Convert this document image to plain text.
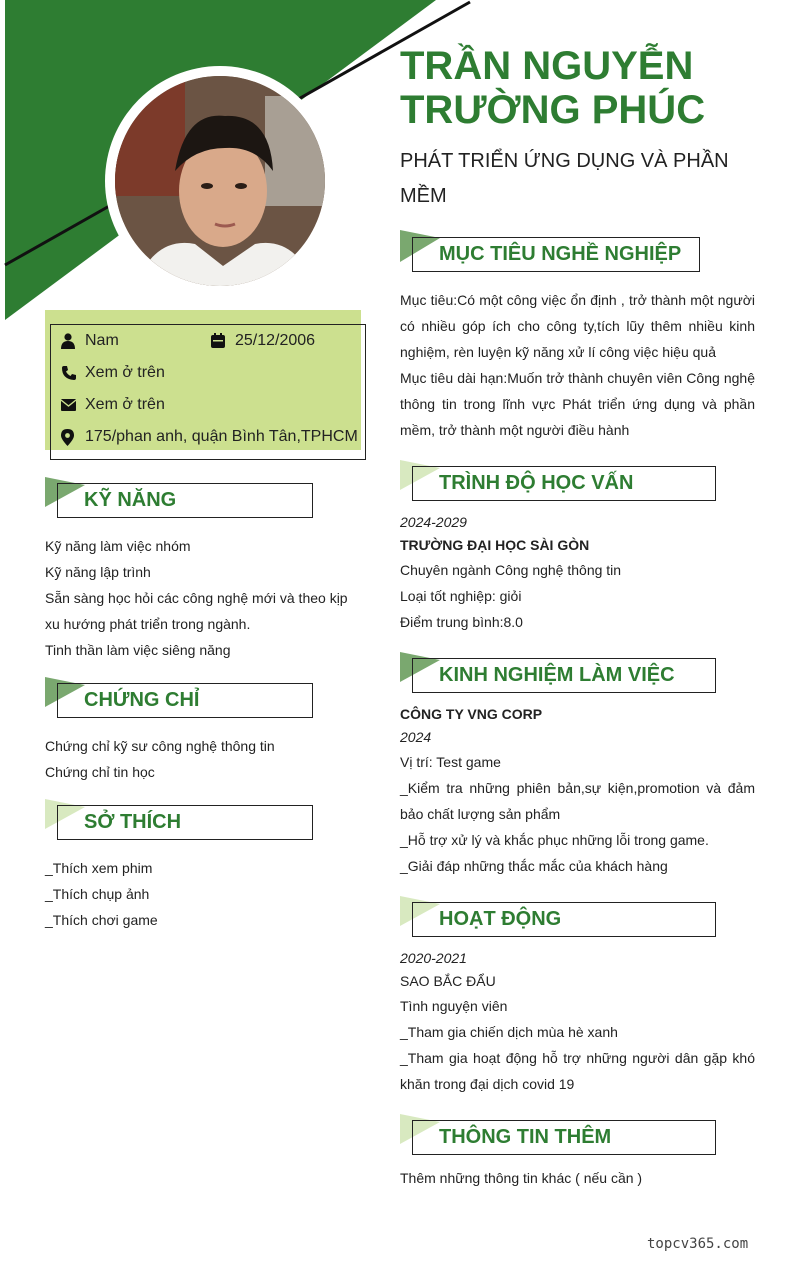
TRẦN NGUYỄN
TRƯỜNG PHÚC

PHÁT TRIỂN ỨNG DỤNG VÀ PHẦN MỀM

Nam	25/12/2006
Xem ở trên
Xem ở trên
175/phan anh, quận Bình Tân,TPHCM
KỸ NĂNG
Kỹ năng làm việc nhóm
Kỹ năng lập trình
Sẵn sàng học hỏi các công nghệ mới và theo kịp
xu hướng phát triển trong ngành.
Tinh thần làm việc siêng năng
CHỨNG CHỈ
Chứng chỉ kỹ sư công nghệ thông tin
Chứng chỉ tin học
SỞ THÍCH
_Thích xem phim
_Thích chụp ảnh
_Thích chơi game
MỤC TIÊU NGHỀ NGHIỆP

Mục tiêu:Có một công việc ổn định , trở thành một người có nhiều góp ích cho công ty,tích lũy thêm nhiều kinh nghiệm, rèn luyện kỹ năng xử lí công việc hiệu quả

Mục tiêu dài hạn:Muốn trở thành chuyên viên Công nghệ thông tin trong lĩnh vực Phát triển ứng dụng và phần mềm, trở thành một người điều hành

TRÌNH ĐỘ HỌC VẤN
2024-2029
TRƯỜNG ĐẠI HỌC SÀI GÒN
Chuyên ngành Công nghệ thông tin
Loại tốt nghiệp: giỏi
Điểm trung bình:8.0
KINH NGHIỆM LÀM VIỆC
CÔNG TY VNG CORP
2024
Vị trí: Test game

_Kiểm tra những phiên bản,sự kiện,promotion và đảm bảo chất lượng sản phẩm

_Hỗ trợ xử lý và khắc phục những lỗi trong game.

_Giải đáp những thắc mắc của khách hàng

HOẠT ĐỘNG
2020-2021
SAO BẮC ĐẨU
Tình nguyện viên

_Tham gia chiến dịch mùa hè xanh

_Tham gia hoạt động hỗ trợ những người dân gặp khó khăn trong đại dịch covid 19

THÔNG TIN THÊM

Thêm những thông tin khác ( nếu cần )

topcv365.com
